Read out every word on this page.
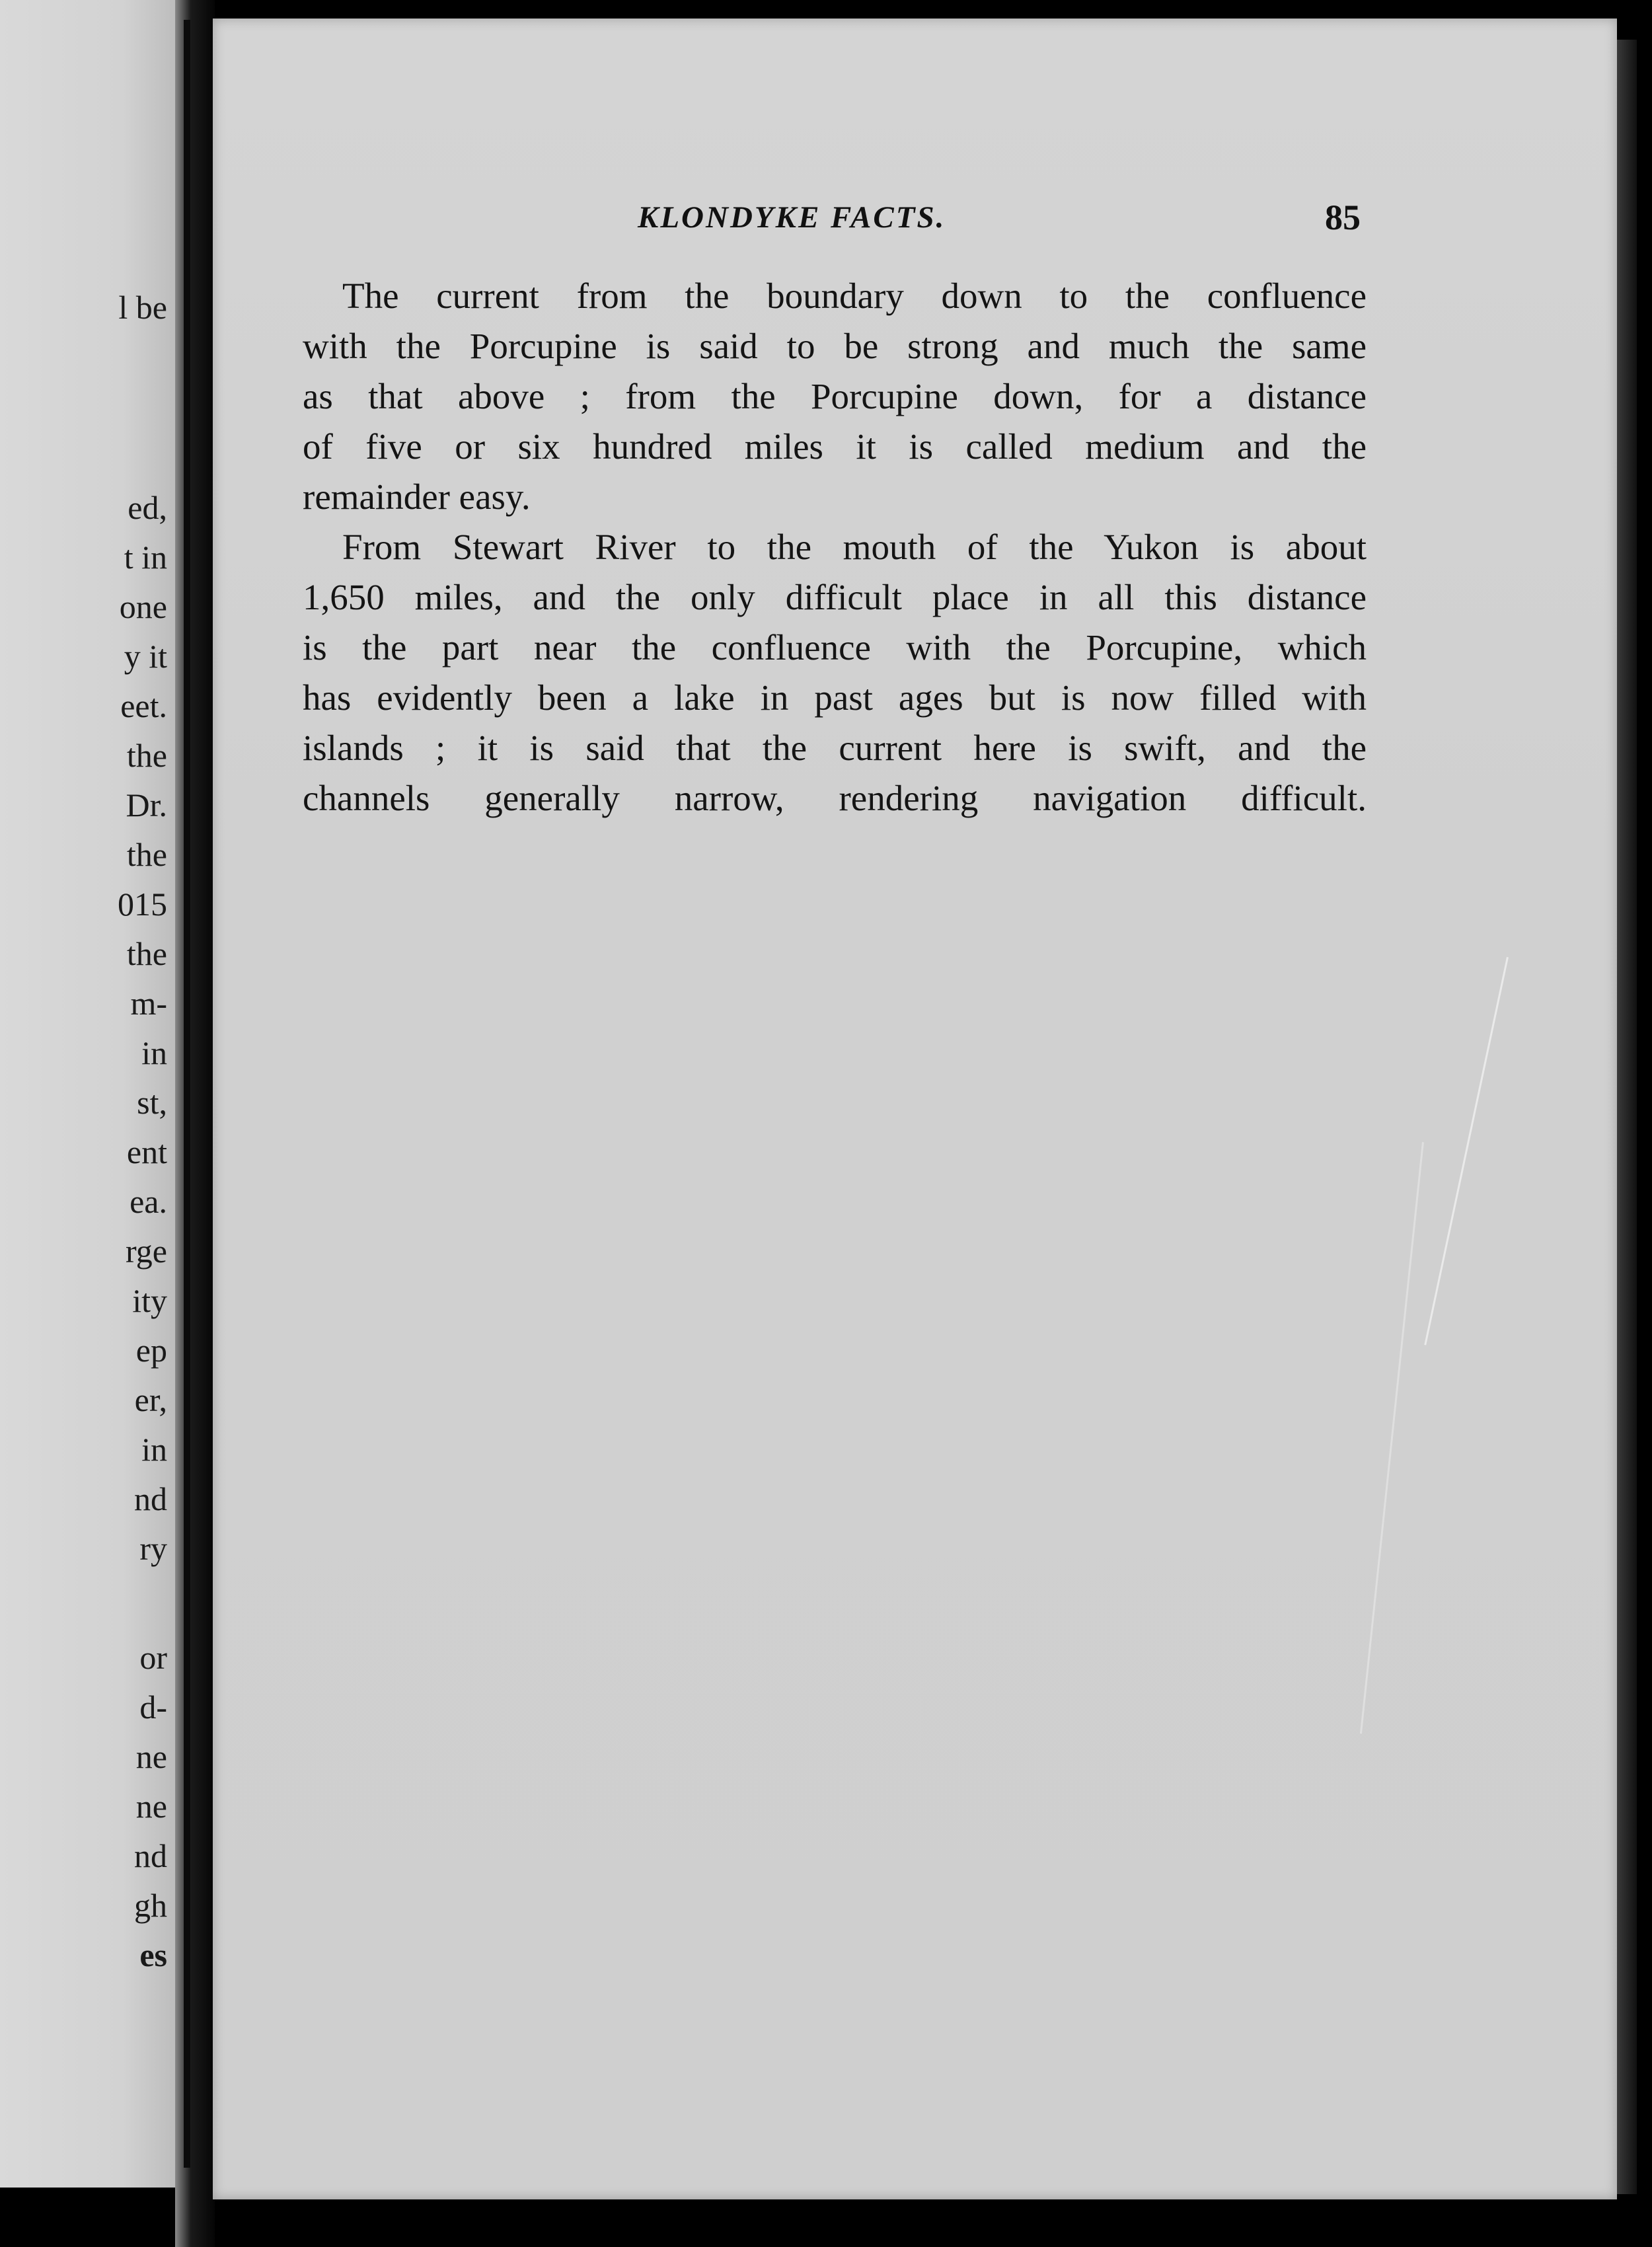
l be
ed,
t in
one
y it
eet.
the
Dr.
the
015
the
m-
in
st,
ent
ea.
rge
ity
ep
er,
in
nd
ry
or
d-
ne
ne
nd
gh
es
KLONDYKE FACTS.	85
The current from the boundary down to the confluence
with the Porcupine is said to be strong and much the same
as that above ; from the Porcupine down, for a distance
of five or six hundred miles it is called medium and the
remainder easy.
From Stewart River to the mouth of the Yukon is about
1,650 miles, and the only difficult place in all this distance
is the part near the confluence with the Porcupine, which
has evidently been a lake in past ages but is now filled with
islands ; it is said that the current here is swift, and the
channels generally narrow, rendering navigation difficult.
